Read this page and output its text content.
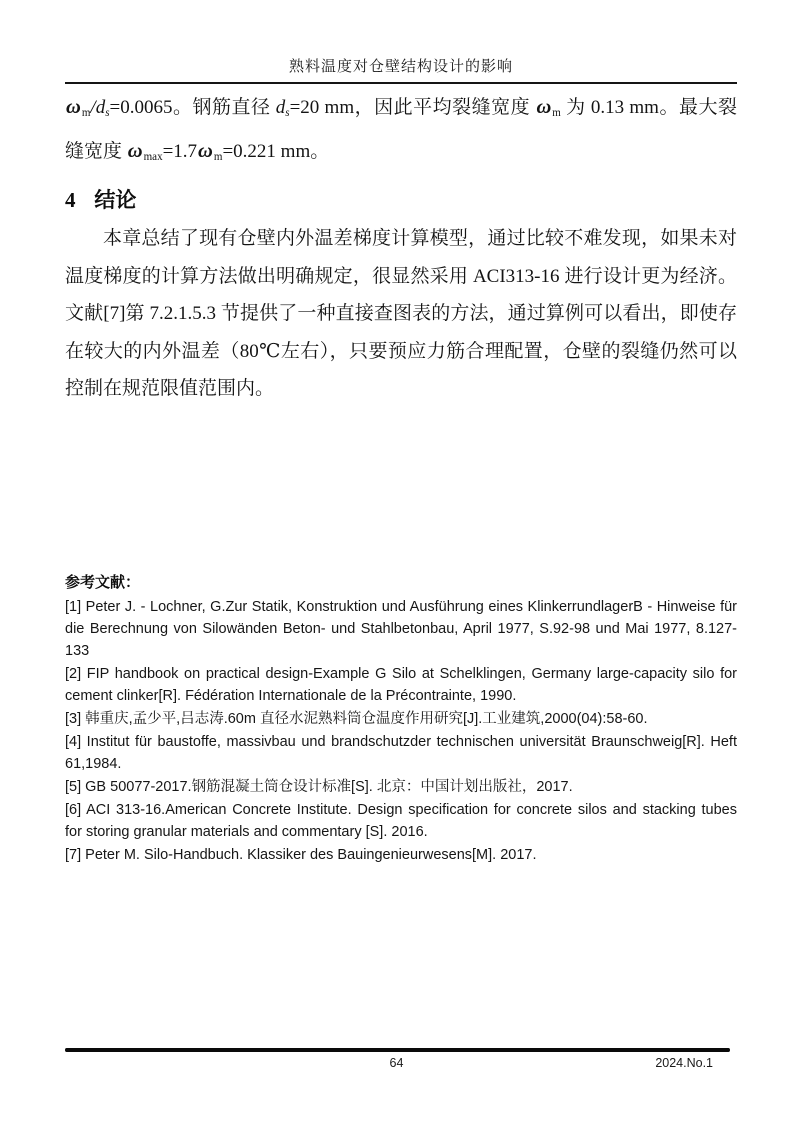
熟料温度对仓壁结构设计的影响

$\omega_m/d_s=0.0065$。钢筋直径 $d_s=20$ mm，因此平均裂缝宽度 $\omega_m$ 为 0.13 mm。最大裂缝宽度 $\omega_{max}=1.7\omega_m=0.221$ mm。

4 结论

本章总结了现有仓壁内外温差梯度计算模型，通过比较不难发现，如果未对温度梯度的计算方法做出明确规定，很显然采用 ACI313-16 进行设计更为经济。文献[7]第 7.2.1.5.3 节提供了一种直接查图表的方法，通过算例可以看出，即使存在较大的内外温差（80℃左右），只要预应力筋合理配置，仓壁的裂缝仍然可以控制在规范限值范围内。

参考文献：

[1] Peter J. - Lochner, G.Zur Statik, Konstruktion und Ausführung eines KlinkerrundlagerB - Hinweise für die Berechnung von Silowänden Beton- und Stahlbetonbau, April 1977, S.92-98 und Mai 1977, 8.127-133

[2] FIP handbook on practical design-Example G Silo at Schelklingen, Germany large-capacity silo for cement clinker[R]. Fédération Internationale de la Précontrainte, 1990.

[3] 韩重庆,孟少平,吕志涛.60m 直径水泥熟料筒仓温度作用研究[J].工业建筑,2000(04):58-60.

[4] Institut für baustoffe, massivbau und brandschutzder technischen universität Braunschweig[R]. Heft 61,1984.

[5] GB 50077-2017.钢筋混凝土筒仓设计标准[S]. 北京：中国计划出版社，2017.

[6] ACI 313-16.American Concrete Institute. Design specification for concrete silos and stacking tubes for storing granular materials and commentary [S]. 2016.

[7] Peter M. Silo-Handbuch. Klassiker des Bauingenieurwesens[M]. 2017.

64	2024.No.1
